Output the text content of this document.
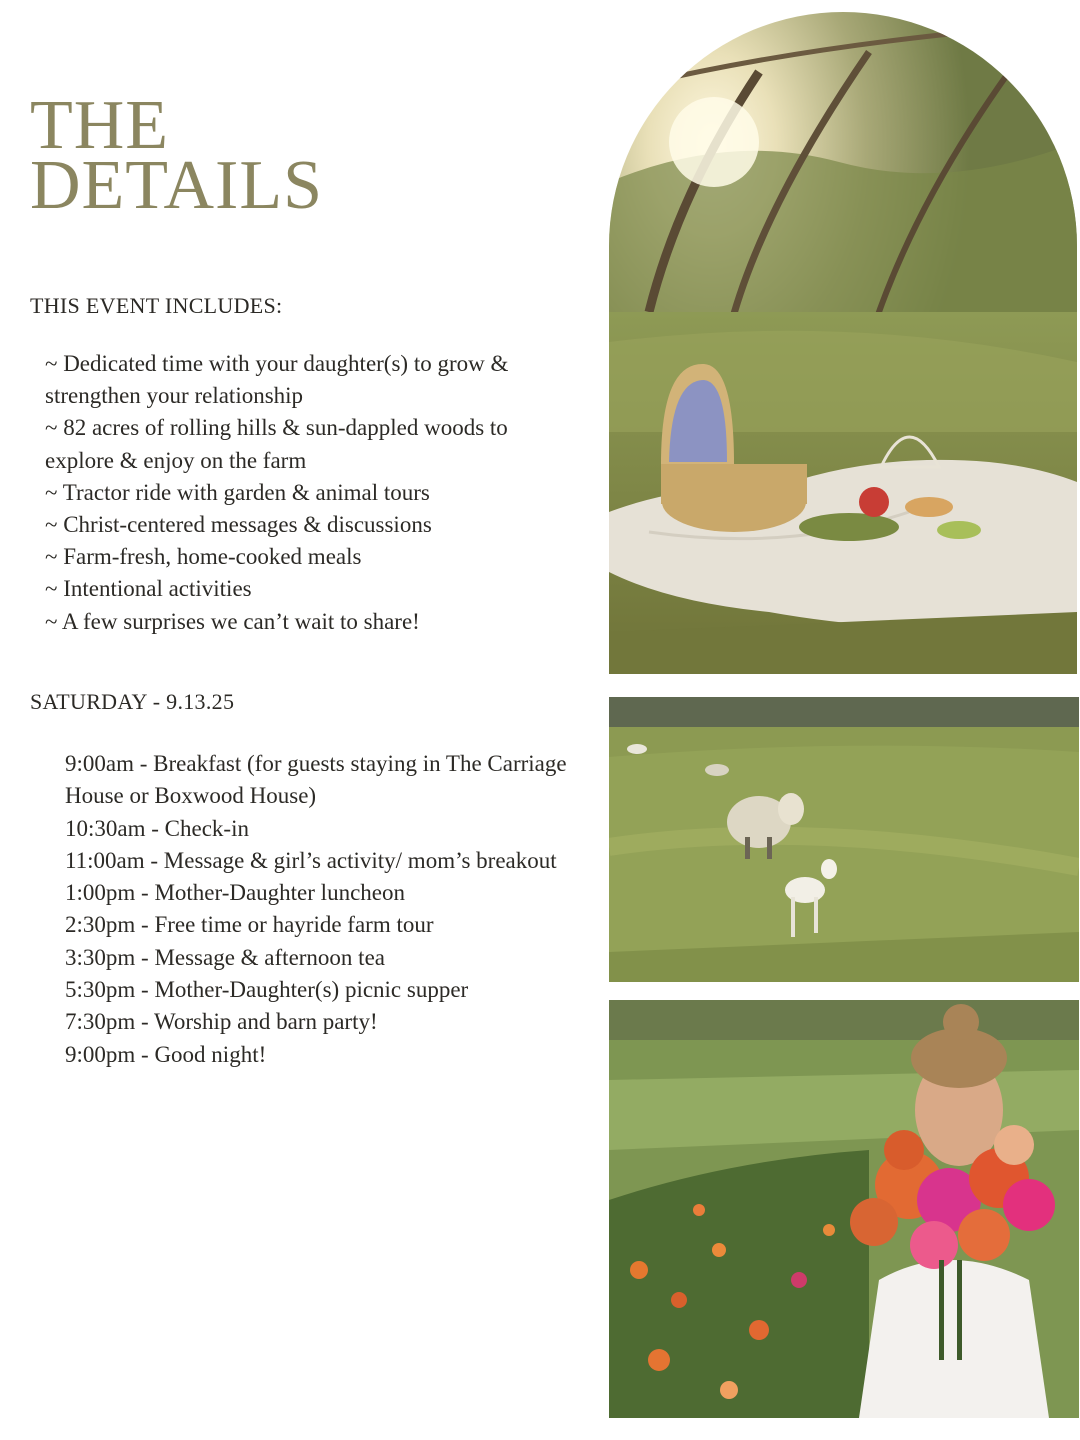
THE
DETAILS
THIS EVENT INCLUDES:
~ Dedicated time with your daughter(s) to grow & strengthen your relationship
~ 82 acres of rolling hills & sun-dappled woods to explore & enjoy on the farm
~ Tractor ride with garden & animal tours
~ Christ-centered messages & discussions
~ Farm-fresh, home-cooked meals
~ Intentional activities
~ A few surprises we can’t wait to share!
SATURDAY - 9.13.25
9:00am - Breakfast (for guests staying in The Carriage House or Boxwood House)
10:30am - Check-in
11:00am - Message & girl’s activity/ mom’s breakout
1:00pm - Mother-Daughter luncheon
2:30pm - Free time or hayride farm tour
3:30pm - Message & afternoon tea
5:30pm - Mother-Daughter(s) picnic supper
7:30pm - Worship and barn party!
9:00pm - Good night!
